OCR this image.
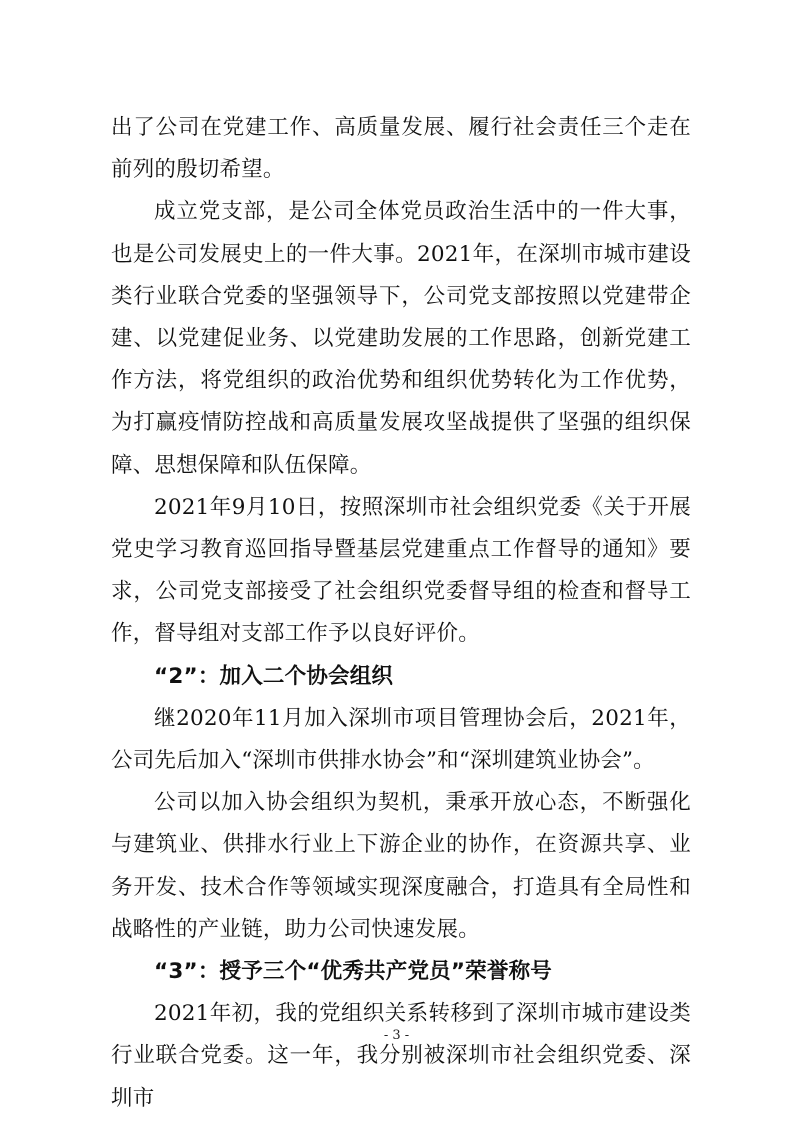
出了公司在党建工作、高质量发展、履行社会责任三个走在前列的殷切希望。

成立党支部，是公司全体党员政治生活中的一件大事，也是公司发展史上的一件大事。2021年，在深圳市城市建设类行业联合党委的坚强领导下，公司党支部按照以党建带企建、以党建促业务、以党建助发展的工作思路，创新党建工作方法，将党组织的政治优势和组织优势转化为工作优势，为打赢疫情防控战和高质量发展攻坚战提供了坚强的组织保障、思想保障和队伍保障。

2021年9月10日，按照深圳市社会组织党委《关于开展党史学习教育巡回指导暨基层党建重点工作督导的通知》要求，公司党支部接受了社会组织党委督导组的检查和督导工作，督导组对支部工作予以良好评价。

“2”：加入二个协会组织

继2020年11月加入深圳市项目管理协会后，2021年，公司先后加入“深圳市供排水协会”和“深圳建筑业协会”。

公司以加入协会组织为契机，秉承开放心态，不断强化与建筑业、供排水行业上下游企业的协作，在资源共享、业务开发、技术合作等领域实现深度融合，打造具有全局性和战略性的产业链，助力公司快速发展。

“3”：授予三个“优秀共产党员”荣誉称号

2021年初，我的党组织关系转移到了深圳市城市建设类行业联合党委。这一年，我分别被深圳市社会组织党委、深圳市

- 3 -
